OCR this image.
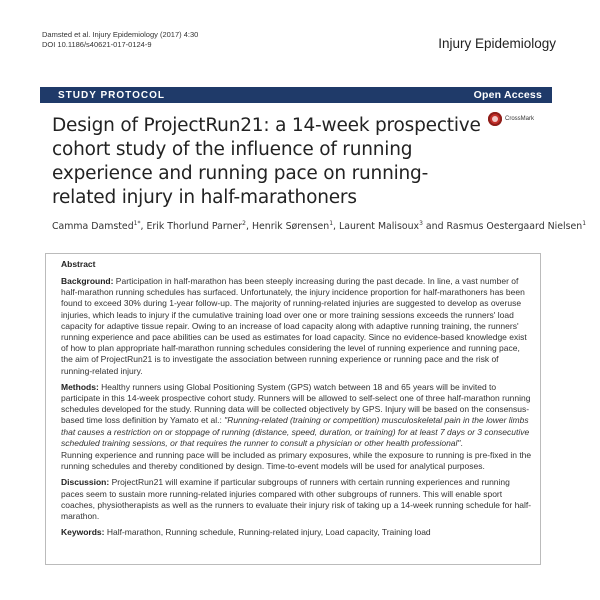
Damsted et al. Injury Epidemiology (2017) 4:30
DOI 10.1186/s40621-017-0124-9	Injury Epidemiology
STUDY PROTOCOL	Open Access
Design of ProjectRun21: a 14-week prospective cohort study of the influence of running experience and running pace on running-related injury in half-marathoners
CrossMark
Camma Damsted$^{1*}$, Erik Thorlund Parner$^2$, Henrik Sørensen$^1$, Laurent Malisoux$^3$ and Rasmus Oestergaard Nielsen$^1$
Abstract

Background: Participation in half-marathon has been steeply increasing during the past decade. In line, a vast number of half-marathon running schedules has surfaced. Unfortunately, the injury incidence proportion for half-marathoners has been found to exceed 30% during 1-year follow-up. The majority of running-related injuries are suggested to develop as overuse injuries, which leads to injury if the cumulative training load over one or more training sessions exceeds the runners' load capacity for adaptive tissue repair. Owing to an increase of load capacity along with adaptive running training, the runners' running experience and pace abilities can be used as estimates for load capacity. Since no evidence-based knowledge exist of how to plan appropriate half-marathon running schedules considering the level of running experience and running pace, the aim of ProjectRun21 is to investigate the association between running experience or running pace and the risk of running-related injury.

Methods: Healthy runners using Global Positioning System (GPS) watch between 18 and 65 years will be invited to participate in this 14-week prospective cohort study. Runners will be allowed to self-select one of three half-marathon running schedules developed for the study. Running data will be collected objectively by GPS. Injury will be based on the consensus-based time loss definition by Yamato et al.: "Running-related (training or competition) musculoskeletal pain in the lower limbs that causes a restriction on or stoppage of running (distance, speed, duration, or training) for at least 7 days or 3 consecutive scheduled training sessions, or that requires the runner to consult a physician or other health professional".

Running experience and running pace will be included as primary exposures, while the exposure to running is pre-fixed in the running schedules and thereby conditioned by design. Time-to-event models will be used for analytical purposes.

Discussion: ProjectRun21 will examine if particular subgroups of runners with certain running experiences and running paces seem to sustain more running-related injuries compared with other subgroups of runners. This will enable sport coaches, physiotherapists as well as the runners to evaluate their injury risk of taking up a 14-week running schedule for half-marathon.

Keywords: Half-marathon, Running schedule, Running-related injury, Load capacity, Training load
